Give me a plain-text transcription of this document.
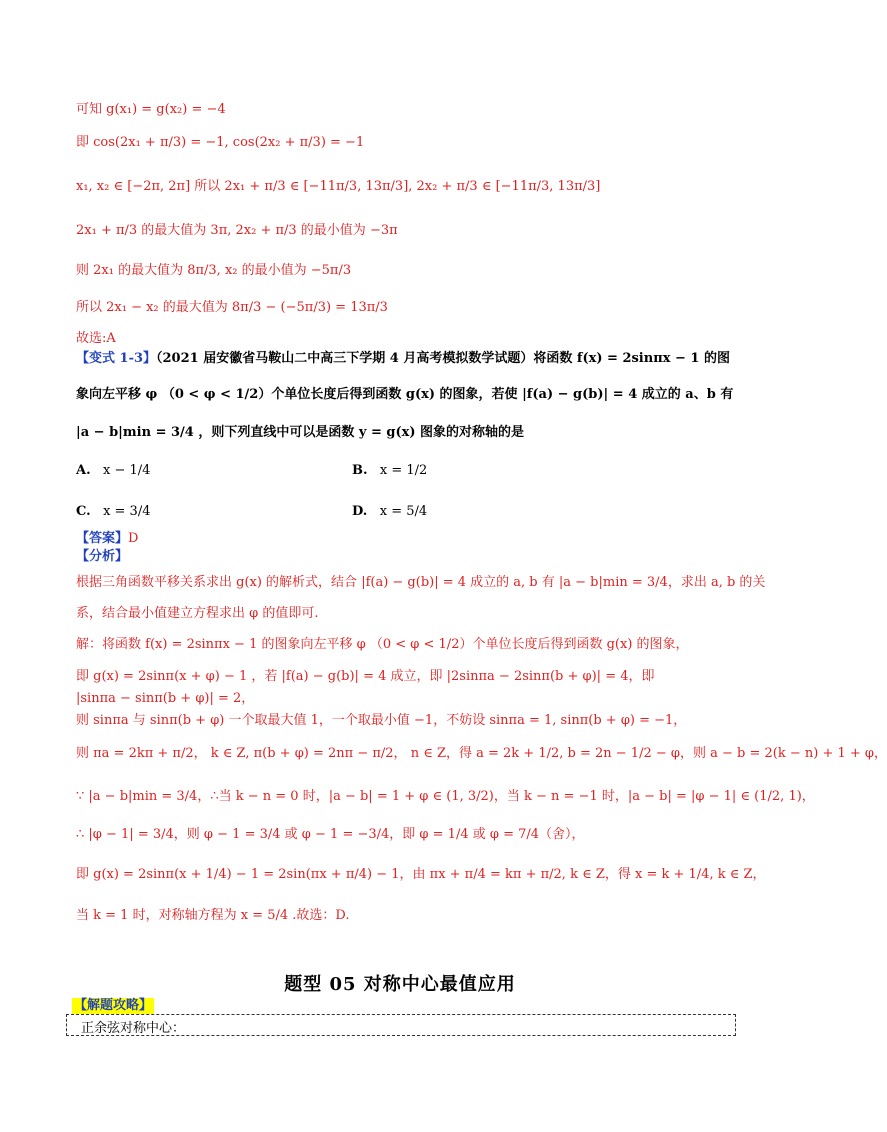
可知 g(x₁) = g(x₂) = −4
即 cos(2x₁ + π/3) = −1, cos(2x₂ + π/3) = −1
x₁, x₂ ∈ [−2π, 2π] 所以 2x₁ + π/3 ∈ [−11π/3, 13π/3], 2x₂ + π/3 ∈ [−11π/3, 13π/3]
2x₁ + π/3 的最大值为 3π, 2x₂ + π/3 的最小值为 −3π
则 2x₁ 的最大值为 8π/3, x₂ 的最小值为 −5π/3
所以 2x₁ − x₂ 的最大值为 8π/3 − (−5π/3) = 13π/3
故选:A
【变式 1-3】（2021 届安徽省马鞍山二中高三下学期 4 月高考模拟数学试题）将函数 f(x) = 2sinπx − 1 的图
象向左平移 φ （0 < φ < 1/2）个单位长度后得到函数 g(x) 的图象，若使 |f(a) − g(b)| = 4 成立的 a、b 有
|a − b|min = 3/4 ，则下列直线中可以是函数 y = g(x) 图象的对称轴的是
A. x − 1/4	B. x = 1/2
C. x = 3/4	D. x = 5/4
【答案】D
【分析】
根据三角函数平移关系求出 g(x) 的解析式，结合 |f(a) − g(b)| = 4 成立的 a, b 有 |a − b|min = 3/4，求出 a, b 的关
系，结合最小值建立方程求出 φ 的值即可.
解：将函数 f(x) = 2sinπx − 1 的图象向左平移 φ （0 < φ < 1/2）个单位长度后得到函数 g(x) 的图象，
即 g(x) = 2sinπ(x + φ) − 1 ，若 |f(a) − g(b)| = 4 成立，即 |2sinπa − 2sinπ(b + φ)| = 4，即
|sinπa − sinπ(b + φ)| = 2，
则 sinπa 与 sinπ(b + φ) 一个取最大值 1，一个取最小值 −1，不妨设 sinπa = 1, sinπ(b + φ) = −1，
则 πa = 2kπ + π/2， k ∈ Z, π(b + φ) = 2nπ − π/2， n ∈ Z，得 a = 2k + 1/2, b = 2n − 1/2 − φ，则 a − b = 2(k − n) + 1 + φ，
∵ |a − b|min = 3/4，∴当 k − n = 0 时，|a − b| = 1 + φ ∈ (1, 3/2)，当 k − n = −1 时，|a − b| = |φ − 1| ∈ (1/2, 1)，
∴ |φ − 1| = 3/4，则 φ − 1 = 3/4 或 φ − 1 = −3/4，即 φ = 1/4 或 φ = 7/4（舍），
即 g(x) = 2sinπ(x + 1/4) − 1 = 2sin(πx + π/4) − 1，由 πx + π/4 = kπ + π/2, k ∈ Z，得 x = k + 1/4, k ∈ Z，
当 k = 1 时，对称轴方程为 x = 5/4 .故选：D.
题型 05 对称中心最值应用
【解题攻略】
正余弦对称中心：
